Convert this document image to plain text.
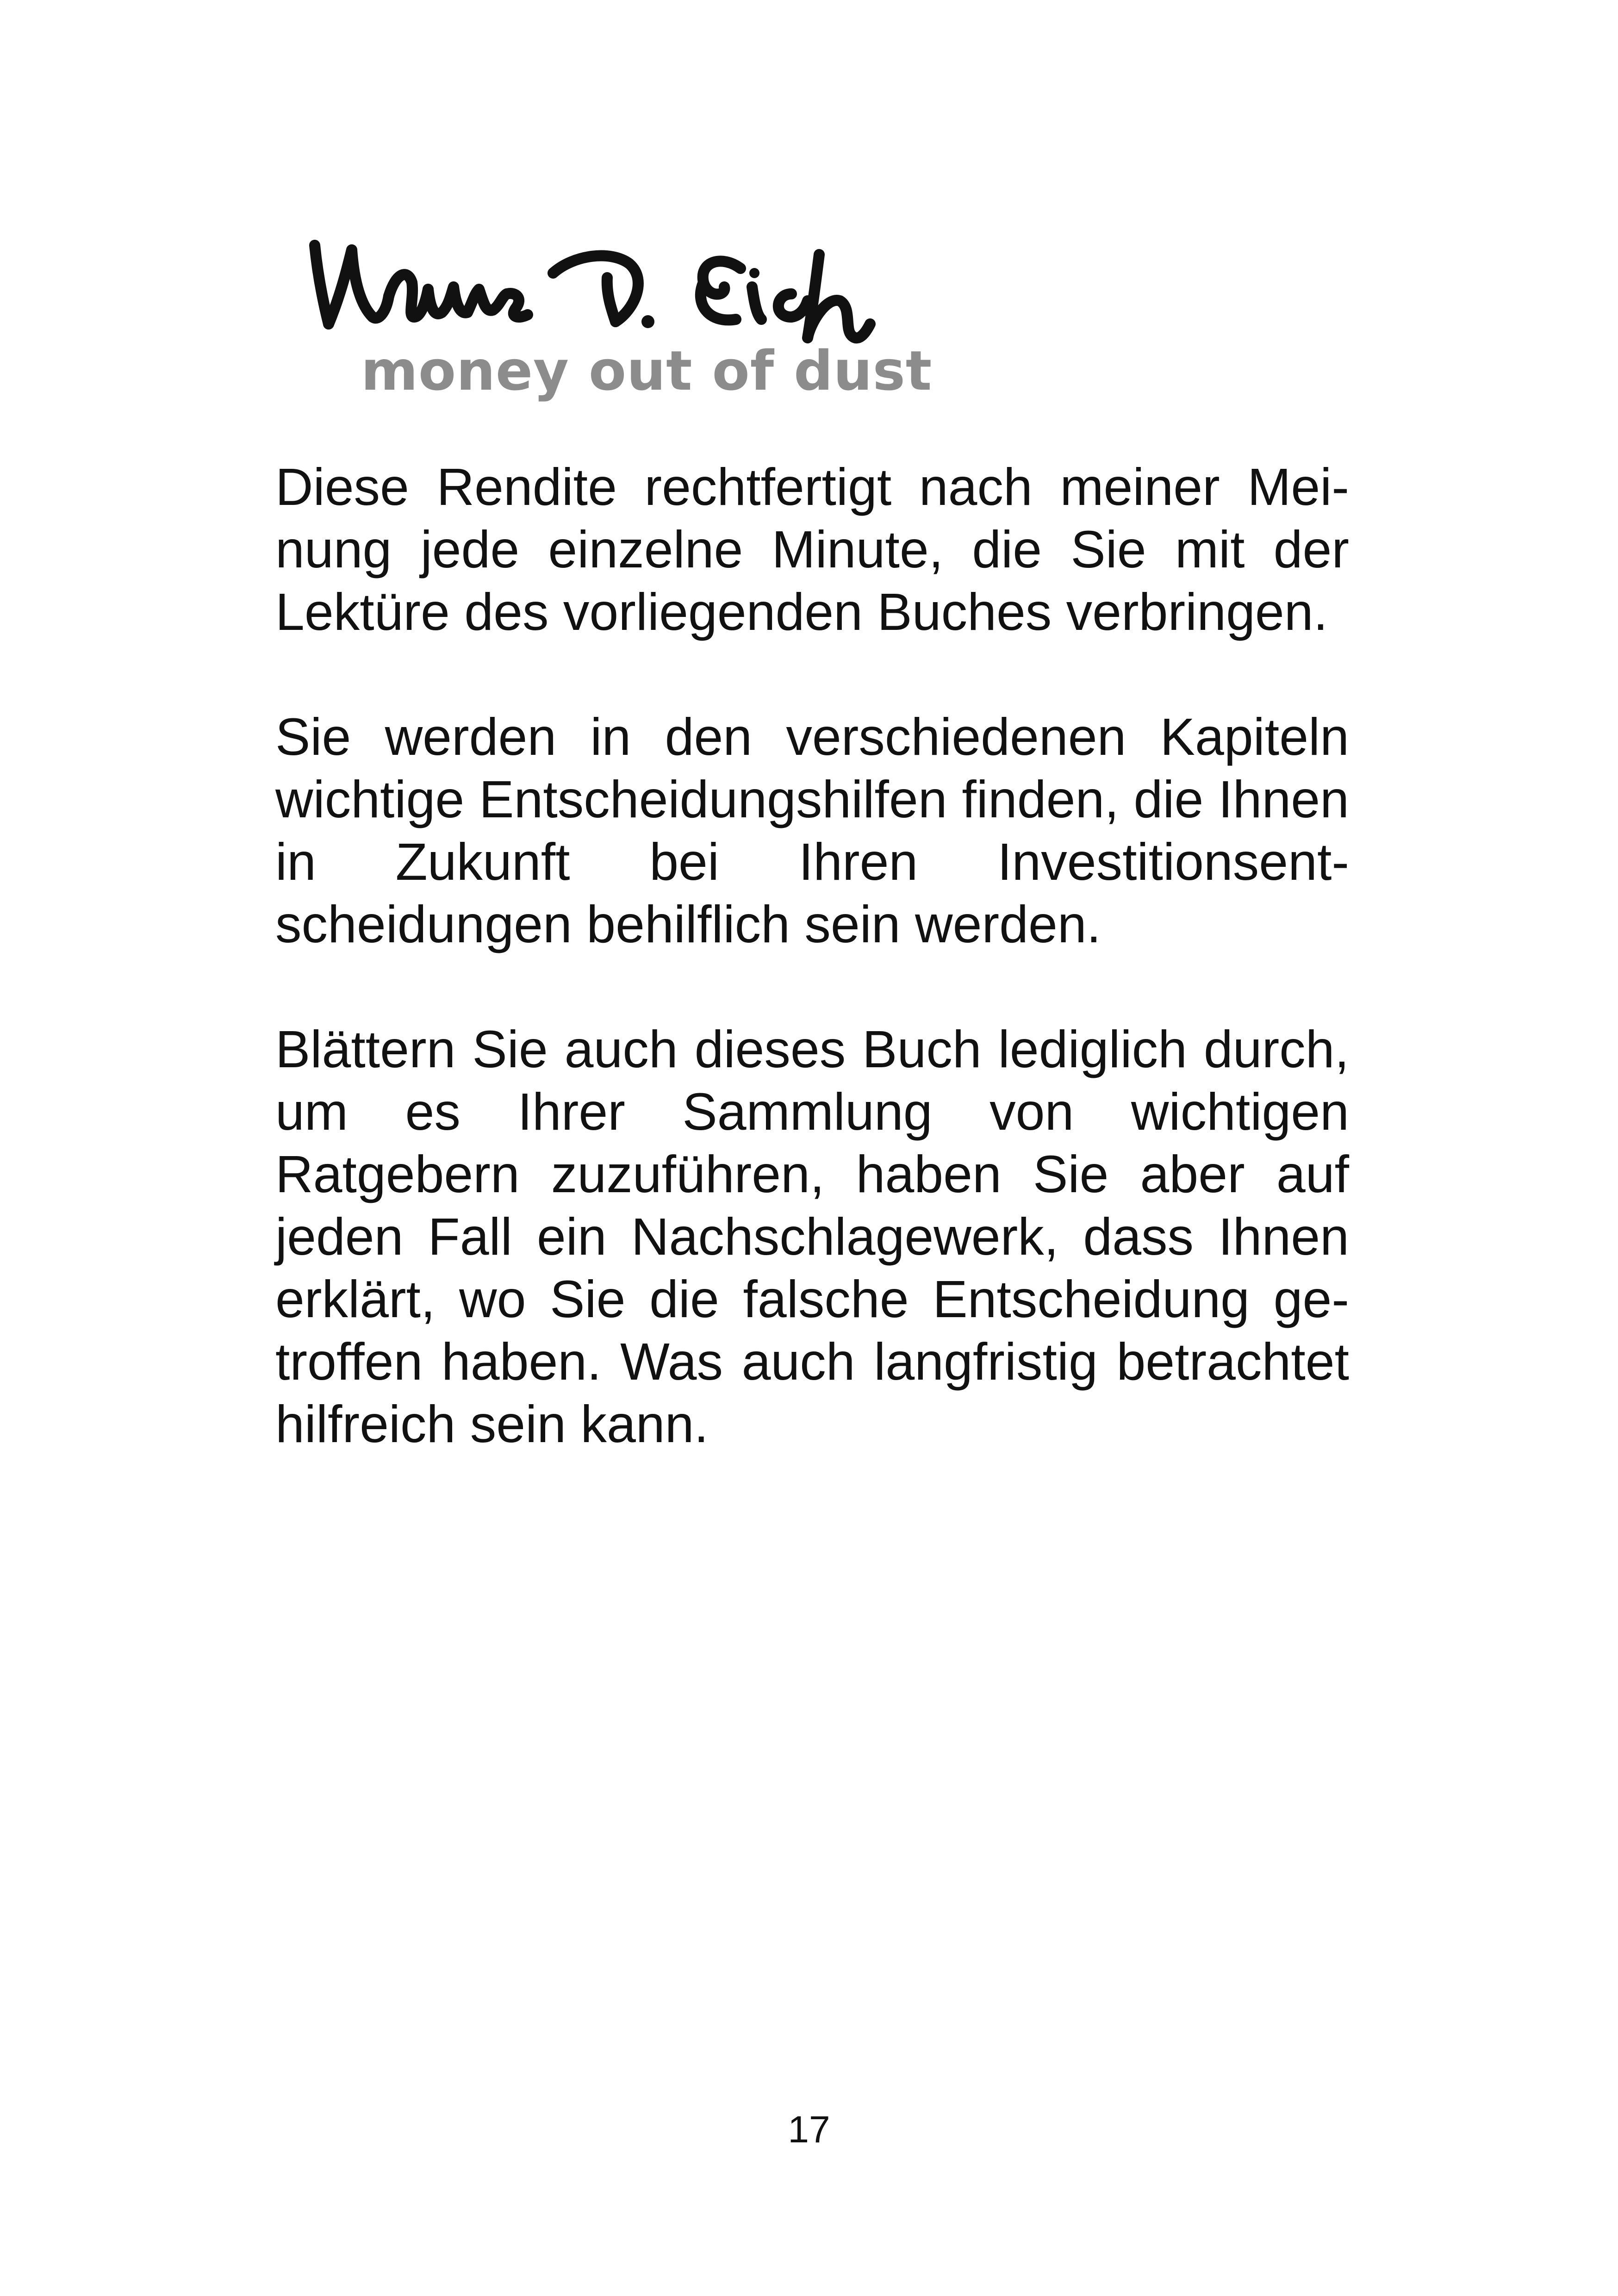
money out of dust

Diese Rendite rechtfertigt nach meiner Meinung jede einzelne Minute, die Sie mit der Lektüre des vorliegenden Buches verbringen.

Sie werden in den verschiedenen Kapiteln wichtige Entscheidungshilfen finden, die Ihnen in Zukunft bei Ihren Investitionsentscheidungen behilflich sein werden.

Blättern Sie auch dieses Buch lediglich durch, um es Ihrer Sammlung von wichtigen Ratgebern zuzuführen, haben Sie aber auf jeden Fall ein Nachschlagewerk, dass Ihnen erklärt, wo Sie die falsche Entscheidung getroffen haben. Was auch langfristig betrachtet hilfreich sein kann.

17
